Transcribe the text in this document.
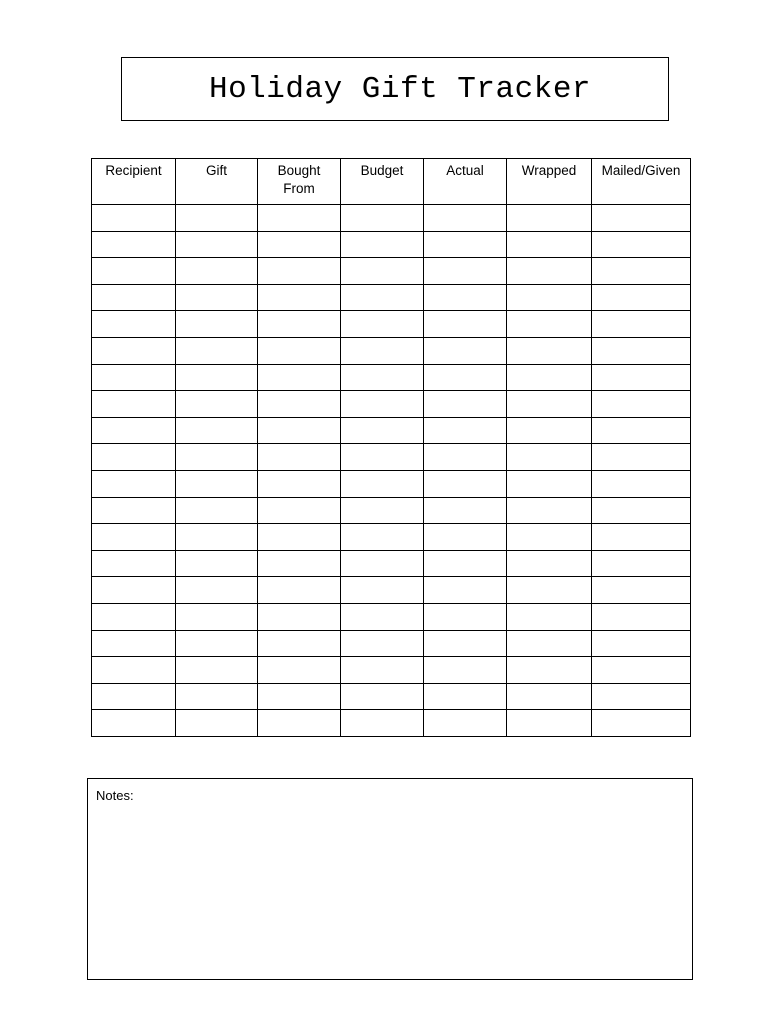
Holiday Gift Tracker
Recipient	Gift	Bought From	Budget	Actual	Wrapped	Mailed/Given

Notes:
